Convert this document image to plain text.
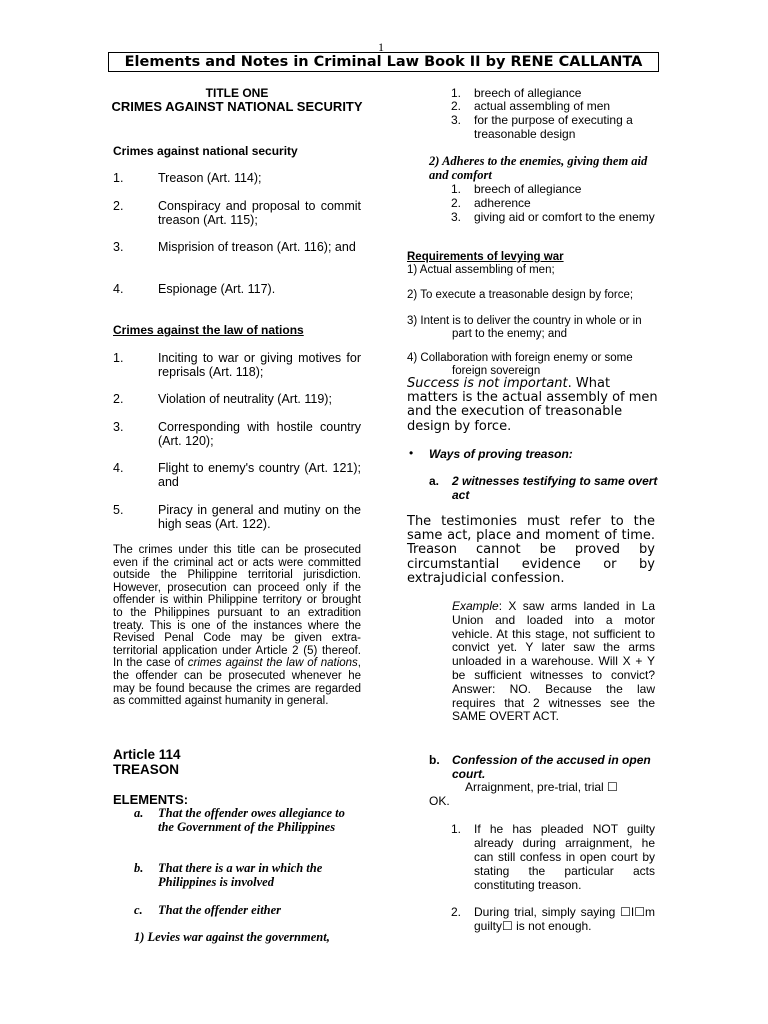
1
Elements and Notes in Criminal Law Book II by RENE CALLANTA
TITLE ONE
CRIMES AGAINST NATIONAL SECURITY
Crimes against national security
1.	Treason (Art. 114);
2.	Conspiracy and proposal to commit treason (Art. 115);
3.	Misprision of treason (Art. 116); and
4.	Espionage (Art. 117).
Crimes against the law of nations
1.	Inciting to war or giving motives for reprisals (Art. 118);
2.	Violation of neutrality (Art. 119);
3.	Corresponding with hostile country (Art. 120);
4.	Flight to enemy's country (Art. 121); and
5.	Piracy in general and mutiny on the high seas (Art. 122).
The crimes under this title can be prosecuted even if the criminal act or acts were committed outside the Philippine territorial jurisdiction. However, prosecution can proceed only if the offender is within Philippine territory or brought to the Philippines pursuant to an extradition treaty. This is one of the instances where the Revised Penal Code may be given extra-territorial application under Article 2 (5) thereof. In the case of crimes against the law of nations, the offender can be prosecuted whenever he may be found because the crimes are regarded as committed against humanity in general.
Article 114
TREASON
ELEMENTS:
a. That the offender owes allegiance to the Government of the Philippines
b. That there is a war in which the Philippines is involved
c. That the offender either
1) Levies war against the government,
1. breech of allegiance
2. actual assembling of men
3. for the purpose of executing a treasonable design
2) Adheres to the enemies, giving them aid and comfort
1. breech of allegiance
2. adherence
3. giving aid or comfort to the enemy
Requirements of levying war
1) Actual assembling of men;
2) To execute a treasonable design by force;
3) Intent is to deliver the country in whole or in part to the enemy; and
4) Collaboration with foreign enemy or some foreign sovereign
Success is not important. What matters is the actual assembly of men and the execution of treasonable design by force.
• Ways of proving treason:
a. 2 witnesses testifying to same overt act
The testimonies must refer to the same act, place and moment of time. Treason cannot be proved by circumstantial evidence or by extrajudicial confession.
Example: X saw arms landed in La Union and loaded into a motor vehicle. At this stage, not sufficient to convict yet. Y later saw the arms unloaded in a warehouse. Will X + Y be sufficient witnesses to convict? Answer: NO. Because the law requires that 2 witnesses see the SAME OVERT ACT.
b. Confession of the accused in open court.
Arraignment, pre-trial, trial ☐
OK.
1. If he has pleaded NOT guilty already during arraignment, he can still confess in open court by stating the particular acts constituting treason.
2. During trial, simply saying ☐I☐m guilty☐ is not enough.
